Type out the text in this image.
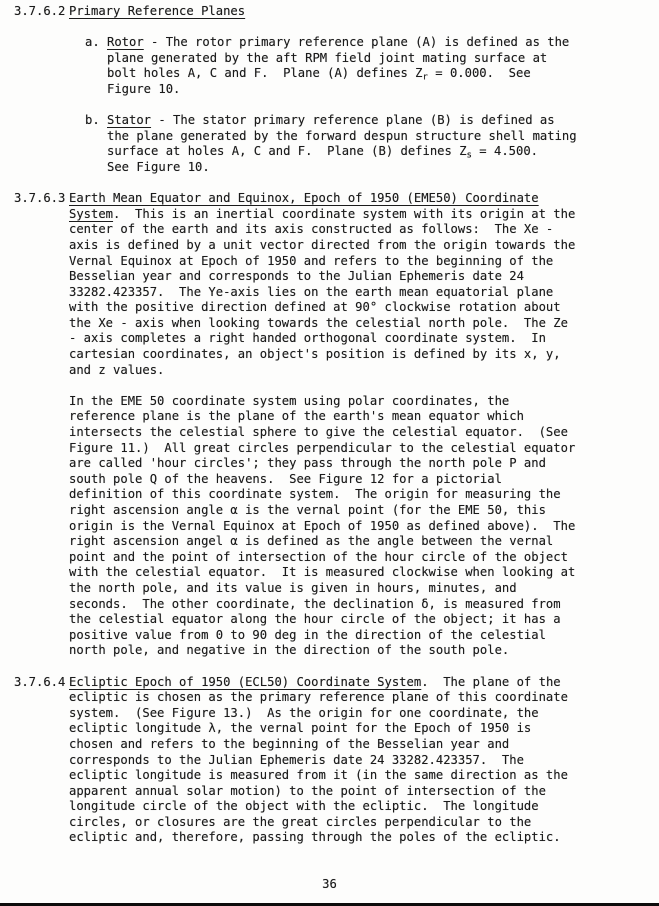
3.7.6.2 Primary Reference Planes
a. Rotor - The rotor primary reference plane (A) is defined as the
plane generated by the aft RPM field joint mating surface at
bolt holes A, C and F.  Plane (A) defines $Z_r = 0.000$.  See
Figure 10.
b. Stator - The stator primary reference plane (B) is defined as
the plane generated by the forward despun structure shell mating
surface at holes A, C and F.  Plane (B) defines $Z_s = 4.500$.
See Figure 10.
3.7.6.3 Earth Mean Equator and Equinox, Epoch of 1950 (EME50) Coordinate
System.  This is an inertial coordinate system with its origin at the
center of the earth and its axis constructed as follows:  The Xe -
axis is defined by a unit vector directed from the origin towards the
Vernal Equinox at Epoch of 1950 and refers to the beginning of the
Besselian year and corresponds to the Julian Ephemeris date 24
33282.423357.  The Ye-axis lies on the earth mean equatorial plane
with the positive direction defined at 90° clockwise rotation about
the Xe - axis when looking towards the celestial north pole.  The Ze
- axis completes a right handed orthogonal coordinate system.  In
cartesian coordinates, an object's position is defined by its x, y,
and z values.
In the EME 50 coordinate system using polar coordinates, the
reference plane is the plane of the earth's mean equator which
intersects the celestial sphere to give the celestial equator.  (See
Figure 11.)  All great circles perpendicular to the celestial equator
are called 'hour circles'; they pass through the north pole P and
south pole Q of the heavens.  See Figure 12 for a pictorial
definition of this coordinate system.  The origin for measuring the
right ascension angle α is the vernal point (for the EME 50, this
origin is the Vernal Equinox at Epoch of 1950 as defined above).  The
right ascension angel α is defined as the angle between the vernal
point and the point of intersection of the hour circle of the object
with the celestial equator.  It is measured clockwise when looking at
the north pole, and its value is given in hours, minutes, and
seconds.  The other coordinate, the declination δ, is measured from
the celestial equator along the hour circle of the object; it has a
positive value from 0 to 90 deg in the direction of the celestial
north pole, and negative in the direction of the south pole.
3.7.6.4 Ecliptic Epoch of 1950 (ECL50) Coordinate System.  The plane of the
ecliptic is chosen as the primary reference plane of this coordinate
system.  (See Figure 13.)  As the origin for one coordinate, the
ecliptic longitude λ, the vernal point for the Epoch of 1950 is
chosen and refers to the beginning of the Besselian year and
corresponds to the Julian Ephemeris date 24 33282.423357.  The
ecliptic longitude is measured from it (in the same direction as the
apparent annual solar motion) to the point of intersection of the
longitude circle of the object with the ecliptic.  The longitude
circles, or closures are the great circles perpendicular to the
ecliptic and, therefore, passing through the poles of the ecliptic.
36
